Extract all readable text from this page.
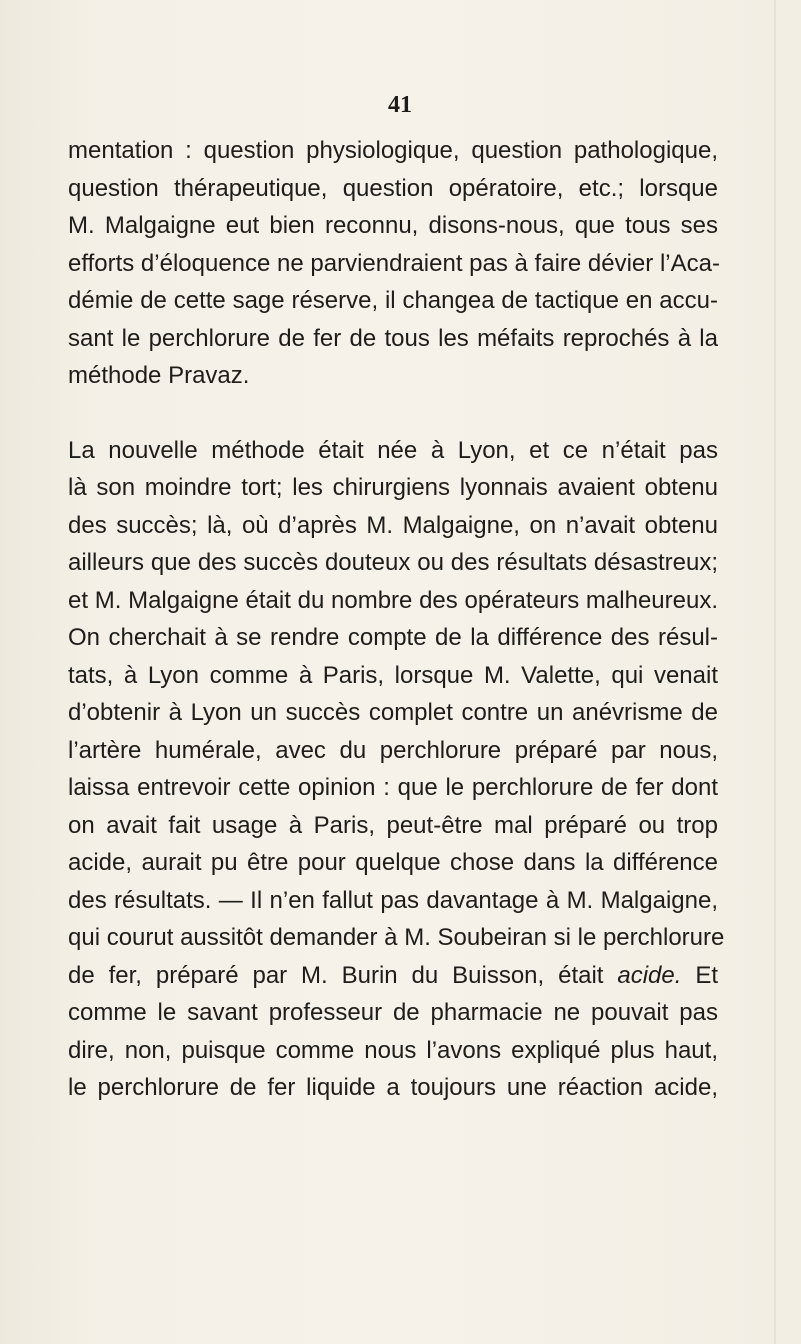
41

mentation : question physiologique, question pathologique,
question thérapeutique, question opératoire, etc.; lorsque
M. Malgaigne eut bien reconnu, disons-nous, que tous ses
efforts d’éloquence ne parviendraient pas à faire dévier l’Aca-
démie de cette sage réserve, il changea de tactique en accu-
sant le perchlorure de fer de tous les méfaits reprochés à la
méthode Pravaz.

La nouvelle méthode était née à Lyon, et ce n’était pas
là son moindre tort; les chirurgiens lyonnais avaient obtenu
des succès; là, où d’après M. Malgaigne, on n’avait obtenu
ailleurs que des succès douteux ou des résultats désastreux;
et M. Malgaigne était du nombre des opérateurs malheureux.
On cherchait à se rendre compte de la différence des résul-
tats, à Lyon comme à Paris, lorsque M. Valette, qui venait
d’obtenir à Lyon un succès complet contre un anévrisme de
l’artère humérale, avec du perchlorure préparé par nous,
laissa entrevoir cette opinion : que le perchlorure de fer dont
on avait fait usage à Paris, peut-être mal préparé ou trop
acide, aurait pu être pour quelque chose dans la différence
des résultats. — Il n’en fallut pas davantage à M. Malgaigne,
qui courut aussitôt demander à M. Soubeiran si le perchlorure
de fer, préparé par M. Burin du Buisson, était acide. Et
comme le savant professeur de pharmacie ne pouvait pas
dire, non, puisque comme nous l’avons expliqué plus haut,
le perchlorure de fer liquide a toujours une réaction acide,
